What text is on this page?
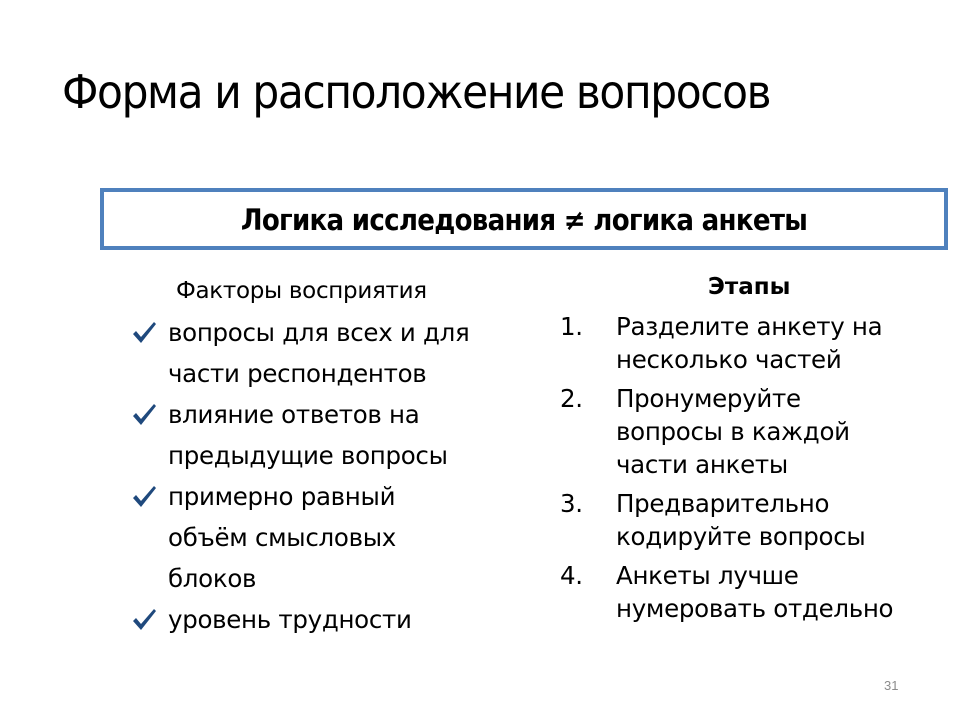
Форма и расположение вопросов
Логика исследования ≠ логика анкеты
Факторы восприятия
вопросы для всех и для
части респондентов
влияние ответов на
предыдущие вопросы
примерно равный
объём смысловых
блоков
уровень трудности
Этапы
1. Разделите анкету на
несколько частей
2. Пронумеруйте
вопросы в каждой
части анкеты
3. Предварительно
кодируйте вопросы
4. Анкеты лучше
нумеровать отдельно
31
